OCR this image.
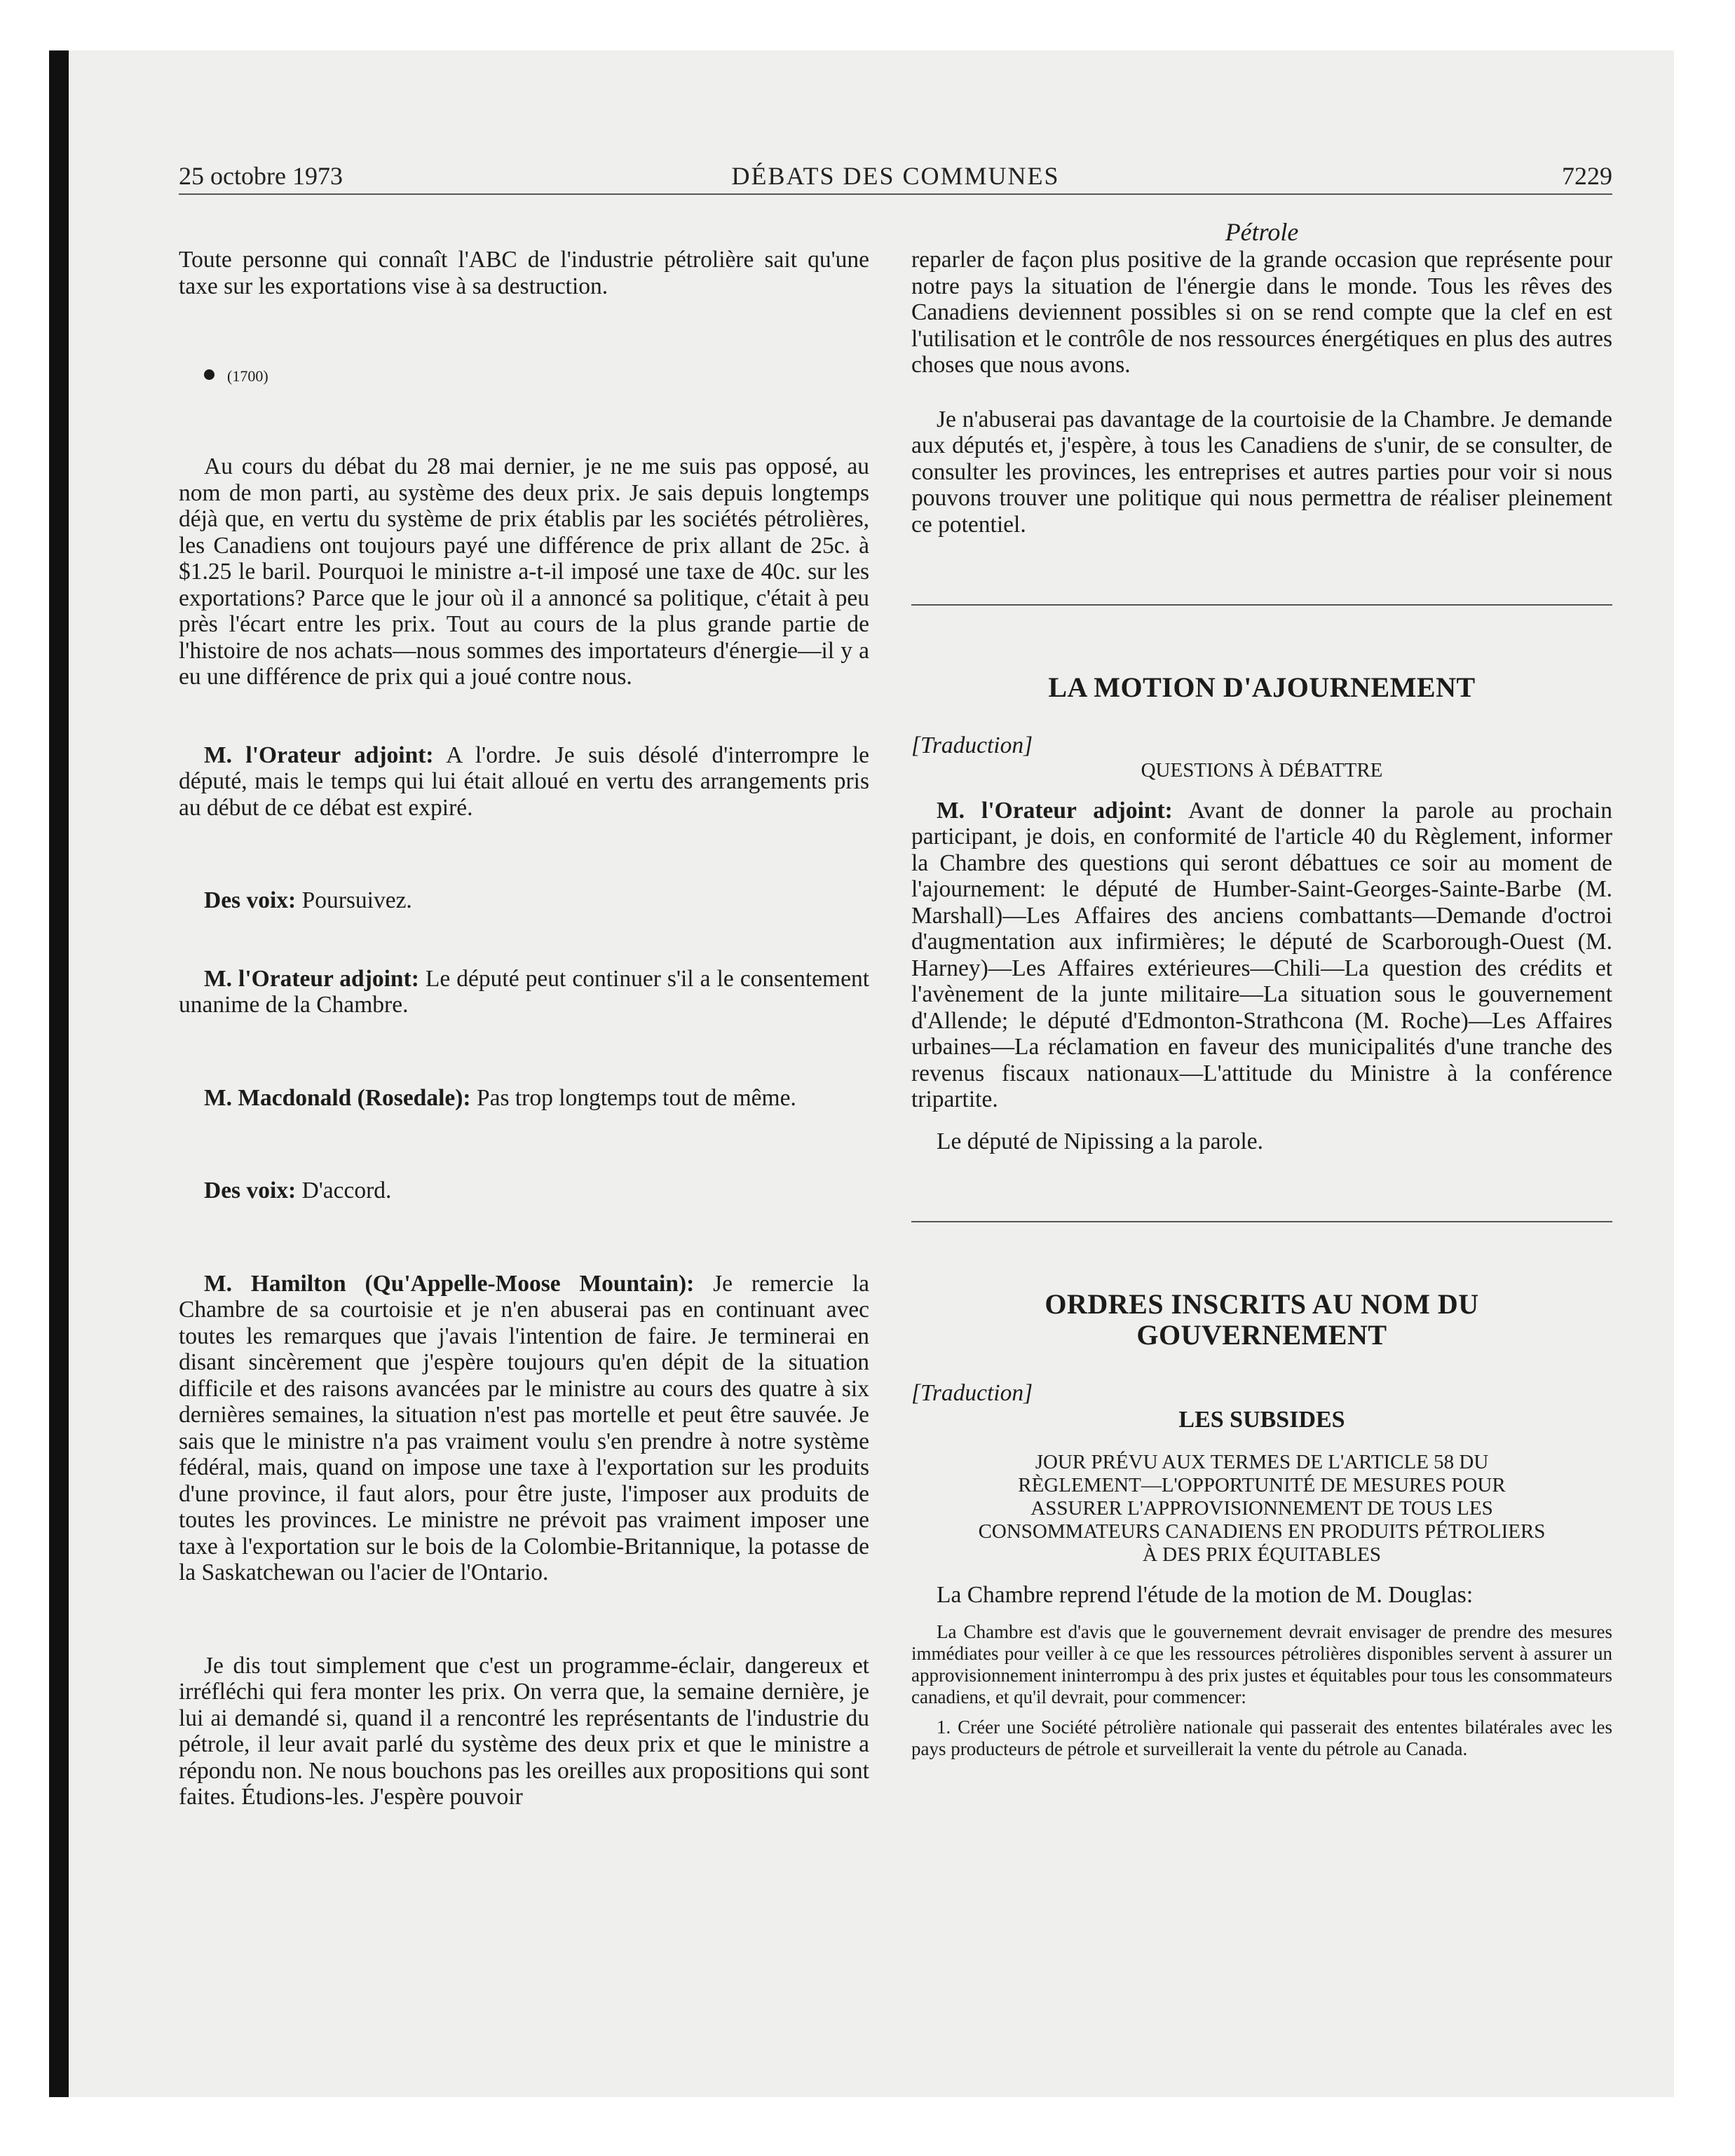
25 octobre 1973	DÉBATS DES COMMUNES	7229
Pétrole

Toute personne qui connaît l'ABC de l'industrie pétrolière sait qu'une taxe sur les exportations vise à sa destruction.

(1700)

Au cours du débat du 28 mai dernier, je ne me suis pas opposé, au nom de mon parti, au système des deux prix. Je sais depuis longtemps déjà que, en vertu du système de prix établis par les sociétés pétrolières, les Canadiens ont toujours payé une différence de prix allant de 25c. à $1.25 le baril. Pourquoi le ministre a-t-il imposé une taxe de 40c. sur les exportations? Parce que le jour où il a annoncé sa politique, c'était à peu près l'écart entre les prix. Tout au cours de la plus grande partie de l'histoire de nos achats—nous sommes des importateurs d'énergie—il y a eu une différence de prix qui a joué contre nous.

M. l'Orateur adjoint: A l'ordre. Je suis désolé d'interrompre le député, mais le temps qui lui était alloué en vertu des arrangements pris au début de ce débat est expiré.

Des voix: Poursuivez.

M. l'Orateur adjoint: Le député peut continuer s'il a le consentement unanime de la Chambre.

M. Macdonald (Rosedale): Pas trop longtemps tout de même.

Des voix: D'accord.

M. Hamilton (Qu'Appelle-Moose Mountain): Je remercie la Chambre de sa courtoisie et je n'en abuserai pas en continuant avec toutes les remarques que j'avais l'intention de faire. Je terminerai en disant sincèrement que j'espère toujours qu'en dépit de la situation difficile et des raisons avancées par le ministre au cours des quatre à six dernières semaines, la situation n'est pas mortelle et peut être sauvée. Je sais que le ministre n'a pas vraiment voulu s'en prendre à notre système fédéral, mais, quand on impose une taxe à l'exportation sur les produits d'une province, il faut alors, pour être juste, l'imposer aux produits de toutes les provinces. Le ministre ne prévoit pas vraiment imposer une taxe à l'exportation sur le bois de la Colombie-Britannique, la potasse de la Saskatchewan ou l'acier de l'Ontario.

Je dis tout simplement que c'est un programme-éclair, dangereux et irréfléchi qui fera monter les prix. On verra que, la semaine dernière, je lui ai demandé si, quand il a rencontré les représentants de l'industrie du pétrole, il leur avait parlé du système des deux prix et que le ministre a répondu non. Ne nous bouchons pas les oreilles aux propositions qui sont faites. Étudions-les. J'espère pouvoir

reparler de façon plus positive de la grande occasion que représente pour notre pays la situation de l'énergie dans le monde. Tous les rêves des Canadiens deviennent possibles si on se rend compte que la clef en est l'utilisation et le contrôle de nos ressources énergétiques en plus des autres choses que nous avons.

Je n'abuserai pas davantage de la courtoisie de la Chambre. Je demande aux députés et, j'espère, à tous les Canadiens de s'unir, de se consulter, de consulter les provinces, les entreprises et autres parties pour voir si nous pouvons trouver une politique qui nous permettra de réaliser pleinement ce potentiel.

LA MOTION D'AJOURNEMENT

[Traduction]

QUESTIONS À DÉBATTRE

M. l'Orateur adjoint: Avant de donner la parole au prochain participant, je dois, en conformité de l'article 40 du Règlement, informer la Chambre des questions qui seront débattues ce soir au moment de l'ajournement: le député de Humber-Saint-Georges-Sainte-Barbe (M. Marshall)—Les Affaires des anciens combattants—Demande d'octroi d'augmentation aux infirmières; le député de Scarborough-Ouest (M. Harney)—Les Affaires extérieures—Chili—La question des crédits et l'avènement de la junte militaire—La situation sous le gouvernement d'Allende; le député d'Edmonton-Strathcona (M. Roche)—Les Affaires urbaines—La réclamation en faveur des municipalités d'une tranche des revenus fiscaux nationaux—L'attitude du Ministre à la conférence tripartite.

Le député de Nipissing a la parole.

ORDRES INSCRITS AU NOM DU
GOUVERNEMENT

[Traduction]

LES SUBSIDES

JOUR PRÉVU AUX TERMES DE L'ARTICLE 58 DU
RÈGLEMENT—L'OPPORTUNITÉ DE MESURES POUR
ASSURER L'APPROVISIONNEMENT DE TOUS LES
CONSOMMATEURS CANADIENS EN PRODUITS PÉTROLIERS
À DES PRIX ÉQUITABLES

La Chambre reprend l'étude de la motion de M. Douglas:

La Chambre est d'avis que le gouvernement devrait envisager de prendre des mesures immédiates pour veiller à ce que les ressources pétrolières disponibles servent à assurer un approvisionnement ininterrompu à des prix justes et équitables pour tous les consommateurs canadiens, et qu'il devrait, pour commencer:

1. Créer une Société pétrolière nationale qui passerait des ententes bilatérales avec les pays producteurs de pétrole et surveillerait la vente du pétrole au Canada.
